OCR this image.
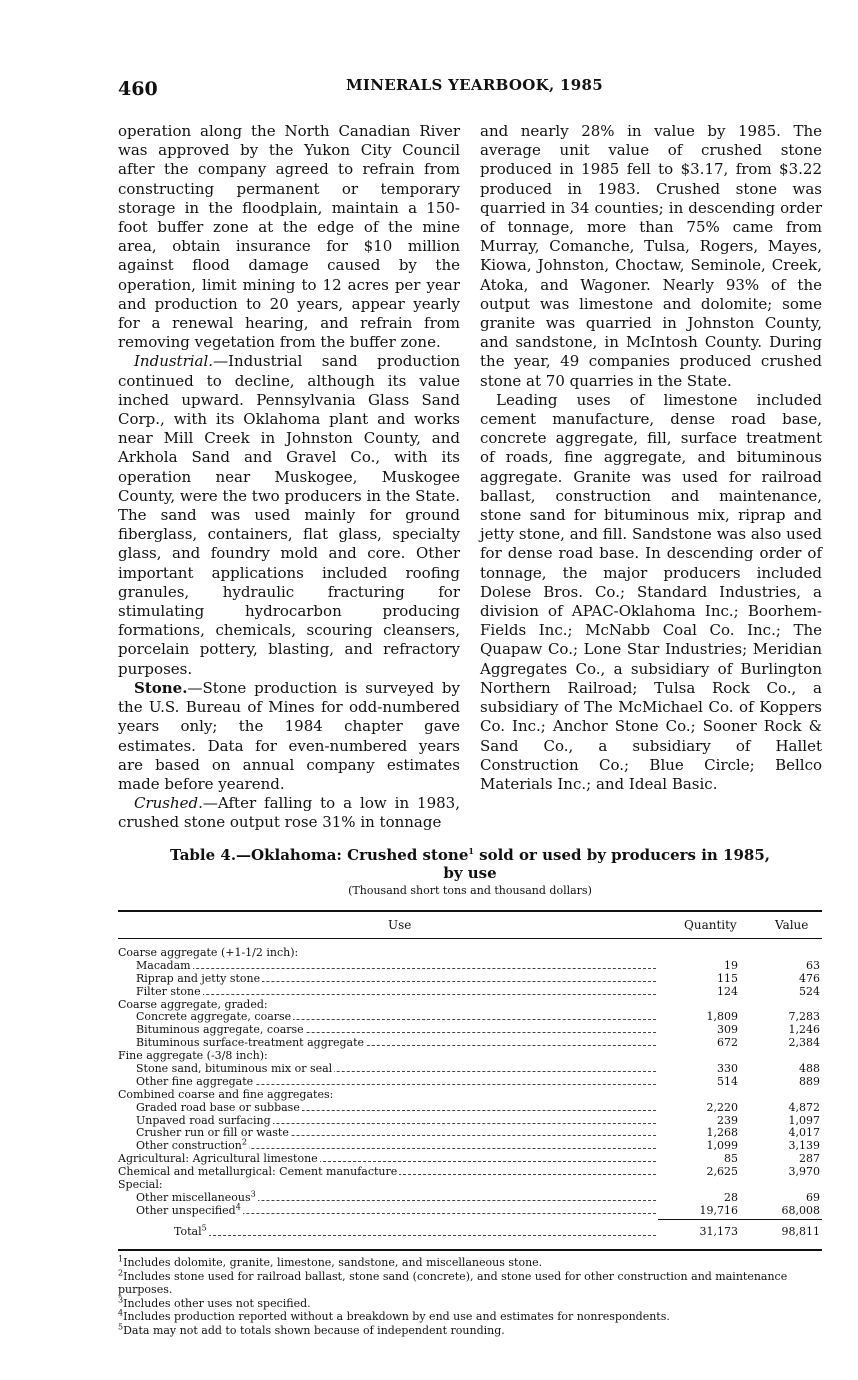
460	MINERALS YEARBOOK, 1985

operation along the North Canadian River was approved by the Yukon City Council after the company agreed to refrain from constructing permanent or temporary storage in the floodplain, maintain a 150-foot buffer zone at the edge of the mine area, obtain insurance for $10 million against flood damage caused by the operation, limit mining to 12 acres per year and production to 20 years, appear yearly for a renewal hearing, and refrain from removing vegetation from the buffer zone.

Industrial.—Industrial sand production continued to decline, although its value inched upward. Pennsylvania Glass Sand Corp., with its Oklahoma plant and works near Mill Creek in Johnston County, and Arkhola Sand and Gravel Co., with its operation near Muskogee, Muskogee County, were the two producers in the State. The sand was used mainly for ground fiberglass, containers, flat glass, specialty glass, and foundry mold and core. Other important applications included roofing granules, hydraulic fracturing for stimulating hydrocarbon producing formations, chemicals, scouring cleansers, porcelain pottery, blasting, and refractory purposes.

Stone.—Stone production is surveyed by the U.S. Bureau of Mines for odd-numbered years only; the 1984 chapter gave estimates. Data for even-numbered years are based on annual company estimates made before yearend.

Crushed.—After falling to a low in 1983, crushed stone output rose 31% in tonnage

and nearly 28% in value by 1985. The average unit value of crushed stone produced in 1985 fell to $3.17, from $3.22 produced in 1983. Crushed stone was quarried in 34 counties; in descending order of tonnage, more than 75% came from Murray, Comanche, Tulsa, Rogers, Mayes, Kiowa, Johnston, Choctaw, Seminole, Creek, Atoka, and Wagoner. Nearly 93% of the output was limestone and dolomite; some granite was quarried in Johnston County, and sandstone, in McIntosh County. During the year, 49 companies produced crushed stone at 70 quarries in the State.

Leading uses of limestone included cement manufacture, dense road base, concrete aggregate, fill, surface treatment of roads, fine aggregate, and bituminous aggregate. Granite was used for railroad ballast, construction and maintenance, stone sand for bituminous mix, riprap and jetty stone, and fill. Sandstone was also used for dense road base. In descending order of tonnage, the major producers included Dolese Bros. Co.; Standard Industries, a division of APAC-Oklahoma Inc.; Boorhem-Fields Inc.; McNabb Coal Co. Inc.; The Quapaw Co.; Lone Star Industries; Meridian Aggregates Co., a subsidiary of Burlington Northern Railroad; Tulsa Rock Co., a subsidiary of The McMichael Co. of Koppers Co. Inc.; Anchor Stone Co.; Sooner Rock & Sand Co., a subsidiary of Hallet Construction Co.; Blue Circle; Bellco Materials Inc.; and Ideal Basic.

Table 4.—Oklahoma: Crushed stone$^1$ sold or used by producers in 1985,
by use
(Thousand short tons and thousand dollars)
Use	Quantity	Value
Coarse aggregate (+1-1/2 inch):
Macadam	19	63
Riprap and jetty stone	115	476
Filter stone	124	524
Coarse aggregate, graded:
Concrete aggregate, coarse	1,809	7,283
Bituminous aggregate, coarse	309	1,246
Bituminous surface-treatment aggregate	672	2,384
Fine aggregate (-3/8 inch):
Stone sand, bituminous mix or seal	330	488
Other fine aggregate	514	889
Combined coarse and fine aggregates:
Graded road base or subbase	2,220	4,872
Unpaved road surfacing	239	1,097
Crusher run or fill or waste	1,268	4,017
Other construction$^2$	1,099	3,139
Agricultural: Agricultural limestone	85	287
Chemical and metallurgical: Cement manufacture	2,625	3,970
Special:
Other miscellaneous$^3$	28	69
Other unspecified$^4$	19,716	68,008
Total$^5$	31,173	98,811
$^1$Includes dolomite, granite, limestone, sandstone, and miscellaneous stone.
$^2$Includes stone used for railroad ballast, stone sand (concrete), and stone used for other construction and maintenance purposes.
$^3$Includes other uses not specified.
$^4$Includes production reported without a breakdown by end use and estimates for nonrespondents.
$^5$Data may not add to totals shown because of independent rounding.
